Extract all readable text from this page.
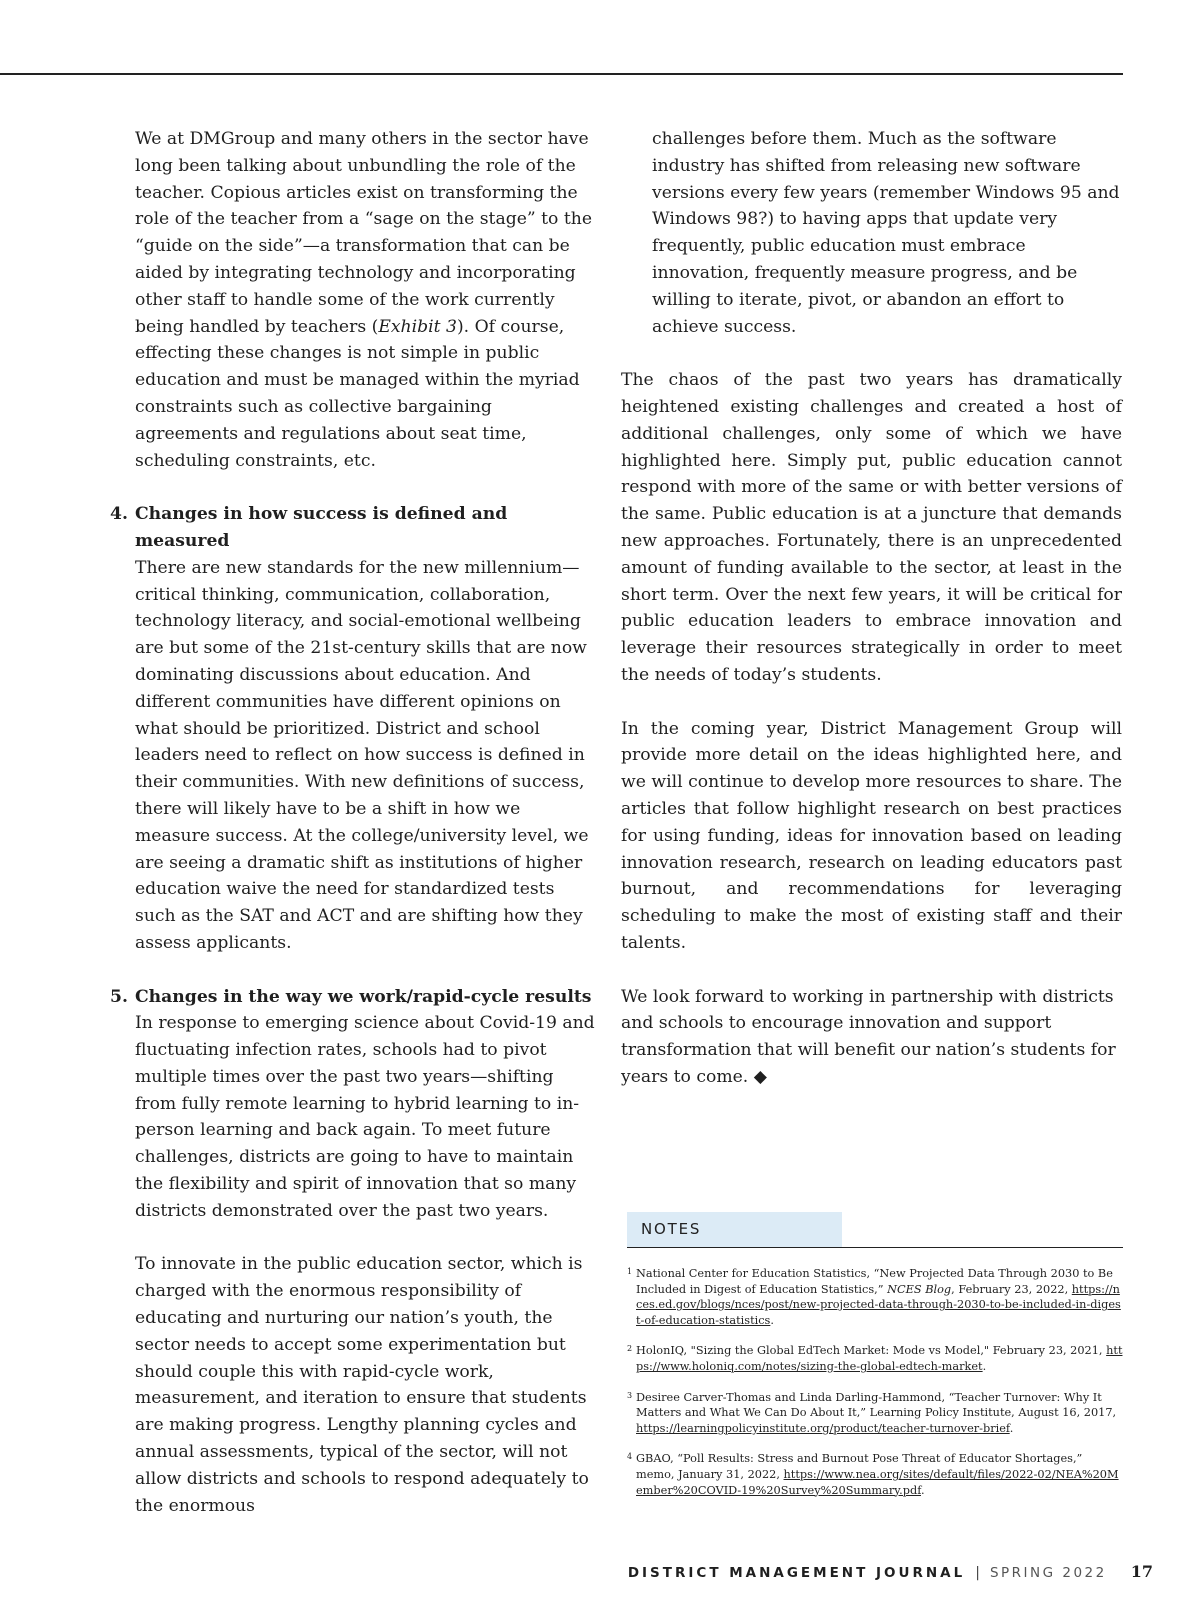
We at DMGroup and many others in the sector have long been talking about unbundling the role of the teacher. Copious articles exist on transforming the role of the teacher from a “sage on the stage” to the “guide on the side”—a transformation that can be aided by integrating technology and incorporating other staff to handle some of the work currently being handled by teachers (Exhibit 3). Of course, effecting these changes is not simple in public education and must be managed within the myriad constraints such as collective bargaining agreements and regulations about seat time, scheduling constraints, etc.

4. Changes in how success is defined and measured
There are new standards for the new millennium—critical thinking, communication, collaboration, technology literacy, and social-emotional wellbeing are but some of the 21st-century skills that are now dominating discussions about education. And different communities have different opinions on what should be prioritized. District and school leaders need to reflect on how success is defined in their communities. With new definitions of success, there will likely have to be a shift in how we measure success. At the college/university level, we are seeing a dramatic shift as institutions of higher education waive the need for standardized tests such as the SAT and ACT and are shifting how they assess applicants.
5. Changes in the way we work/rapid-cycle results

In response to emerging science about Covid-19 and fluctuating infection rates, schools had to pivot multiple times over the past two years—shifting from fully remote learning to hybrid learning to in-person learning and back again. To meet future challenges, districts are going to have to maintain the flexibility and spirit of innovation that so many districts demonstrated over the past two years.

To innovate in the public education sector, which is charged with the enormous responsibility of educating and nurturing our nation’s youth, the sector needs to accept some experimentation but should couple this with rapid-cycle work, measurement, and iteration to ensure that students are making progress. Lengthy planning cycles and annual assessments, typical of the sector, will not allow districts and schools to respond adequately to the enormous

challenges before them. Much as the software industry has shifted from releasing new software versions every few years (remember Windows 95 and Windows 98?) to having apps that update very frequently, public education must embrace innovation, frequently measure progress, and be willing to iterate, pivot, or abandon an effort to achieve success.

The chaos of the past two years has dramatically heightened existing challenges and created a host of additional challenges, only some of which we have highlighted here. Simply put, public education cannot respond with more of the same or with better versions of the same. Public education is at a juncture that demands new approaches. Fortunately, there is an unprecedented amount of funding available to the sector, at least in the short term. Over the next few years, it will be critical for public education leaders to embrace innovation and leverage their resources strategically in order to meet the needs of today’s students.

In the coming year, District Management Group will provide more detail on the ideas highlighted here, and we will continue to develop more resources to share. The articles that follow highlight research on best practices for using funding, ideas for innovation based on leading innovation research, research on leading educators past burnout, and recommendations for leveraging scheduling to make the most of existing staff and their talents.

We look forward to working in partnership with districts and schools to encourage innovation and support transformation that will benefit our nation’s students for years to come. ◆

NOTES
1 National Center for Education Statistics, “New Projected Data Through 2030 to Be Included in Digest of Education Statistics,” NCES Blog, February 23, 2022, https://nces.ed.gov/blogs/nces/post/new-projected-data-through-2030-to-be-included-in-digest-of-education-statistics.
2 HolonIQ, "Sizing the Global EdTech Market: Mode vs Model," February 23, 2021, https://www.holoniq.com/notes/sizing-the-global-edtech-market.
3 Desiree Carver-Thomas and Linda Darling-Hammond, “Teacher Turnover: Why It Matters and What We Can Do About It,” Learning Policy Institute, August 16, 2017, https://learningpolicyinstitute.org/product/teacher-turnover-brief.
4 GBAO, “Poll Results: Stress and Burnout Pose Threat of Educator Shortages,” memo, January 31, 2022, https://www.nea.org/sites/default/files/2022-02/NEA%20Member%20COVID-19%20Survey%20Summary.pdf.
DISTRICT MANAGEMENT JOURNAL | SPRING 2022 17
